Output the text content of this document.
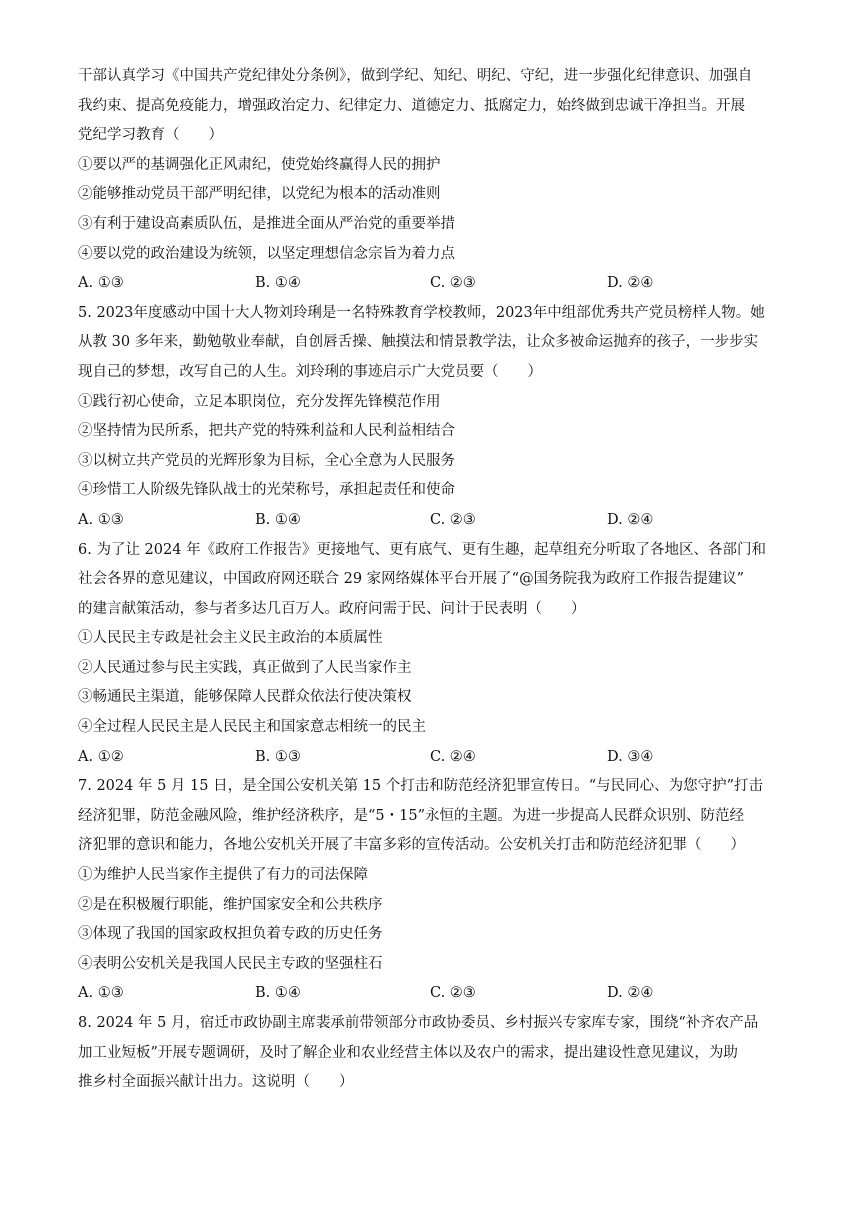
干部认真学习《中国共产党纪律处分条例》，做到学纪、知纪、明纪、守纪，进一步强化纪律意识、加强自
我约束、提高免疫能力，增强政治定力、纪律定力、道德定力、抵腐定力，始终做到忠诚干净担当。开展
党纪学习教育（　　）
①要以严的基调强化正风肃纪，使党始终赢得人民的拥护
②能够推动党员干部严明纪律，以党纪为根本的活动准则
③有利于建设高素质队伍，是推进全面从严治党的重要举措
④要以党的政治建设为统领，以坚定理想信念宗旨为着力点
A. ①③	B. ①④	C. ②③	D. ②④
5. 2023年度感动中国十大人物刘玲琍是一名特殊教育学校教师，2023年中组部优秀共产党员榜样人物。她
从教 30 多年来，勤勉敬业奉献，自创唇舌操、触摸法和情景教学法，让众多被命运抛弃的孩子，一步步实
现自己的梦想，改写自己的人生。刘玲琍的事迹启示广大党员要（　　）
①践行初心使命，立足本职岗位，充分发挥先锋模范作用
②坚持情为民所系，把共产党的特殊利益和人民利益相结合
③以树立共产党员的光辉形象为目标，全心全意为人民服务
④珍惜工人阶级先锋队战士的光荣称号，承担起责任和使命
A. ①③	B. ①④	C. ②③	D. ②④
6. 为了让 2024 年《政府工作报告》更接地气、更有底气、更有生趣，起草组充分听取了各地区、各部门和
社会各界的意见建议，中国政府网还联合 29 家网络媒体平台开展了“@国务院我为政府工作报告提建议”
的建言献策活动，参与者多达几百万人。政府问需于民、问计于民表明（　　）
①人民民主专政是社会主义民主政治的本质属性
②人民通过参与民主实践，真正做到了人民当家作主
③畅通民主渠道，能够保障人民群众依法行使决策权
④全过程人民民主是人民民主和国家意志相统一的民主
A. ①②	B. ①③	C. ②④	D. ③④
7. 2024 年 5 月 15 日，是全国公安机关第 15 个打击和防范经济犯罪宣传日。“与民同心、为您守护”打击
经济犯罪，防范金融风险，维护经济秩序，是“5・15”永恒的主题。为进一步提高人民群众识别、防范经
济犯罪的意识和能力，各地公安机关开展了丰富多彩的宣传活动。公安机关打击和防范经济犯罪（　　）
①为维护人民当家作主提供了有力的司法保障
②是在积极履行职能，维护国家安全和公共秩序
③体现了我国的国家政权担负着专政的历史任务
④表明公安机关是我国人民民主专政的坚强柱石
A. ①③	B. ①④	C. ②③	D. ②④
8. 2024 年 5 月，宿迁市政协副主席裴承前带领部分市政协委员、乡村振兴专家库专家，围绕“补齐农产品
加工业短板”开展专题调研，及时了解企业和农业经营主体以及农户的需求，提出建设性意见建议，为助
推乡村全面振兴献计出力。这说明（　　）
